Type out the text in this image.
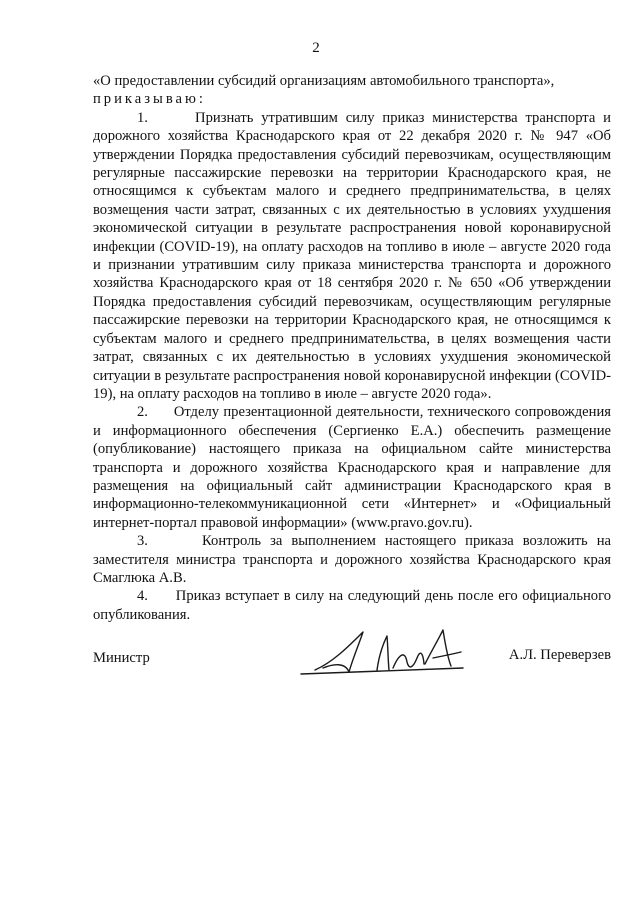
2

«О предоставлении субсидий организациям автомобильного транспорта»,

приказываю:

1.	Признать утратившим силу приказ министерства транспорта и дорожного хозяйства Краснодарского края от 22 декабря 2020 г. № 947 «Об утверждении Порядка предоставления субсидий перевозчикам, осуществляющим регулярные пассажирские перевозки на территории Краснодарского края, не относящимся к субъектам малого и среднего предпринимательства, в целях возмещения части затрат, связанных с их деятельностью в условиях ухудшения экономической ситуации в результате распространения новой коронавирусной инфекции (COVID-19), на оплату расходов на топливо в июле – августе 2020 года и признании утратившим силу приказа министерства транспорта и дорожного хозяйства Краснодарского края от 18 сентября 2020 г. № 650 «Об утверждении Порядка предоставления субсидий перевозчикам, осуществляющим регулярные пассажирские перевозки на территории Краснодарского края, не относящимся к субъектам малого и среднего предпринимательства, в целях возмещения части затрат, связанных с их деятельностью в условиях ухудшения экономической ситуации в результате распространения новой коронавирусной инфекции (COVID-19), на оплату расходов на топливо в июле – августе 2020 года».

2. Отделу презентационной деятельности, технического сопровождения и информационного обеспечения (Сергиенко Е.А.) обеспечить размещение (опубликование) настоящего приказа на официальном сайте министерства транспорта и дорожного хозяйства Краснодарского края и направление для размещения на официальный сайт администрации Краснодарского края в информационно-телекоммуникационной сети «Интернет» и «Официальный интернет-портал правовой информации» (www.pravo.gov.ru).

3.	Контроль за выполнением настоящего приказа возложить на заместителя министра транспорта и дорожного хозяйства Краснодарского края Смаглюка А.В.

4. Приказ вступает в силу на следующий день после его официального опубликования.

Министр	А.Л. Переверзев
